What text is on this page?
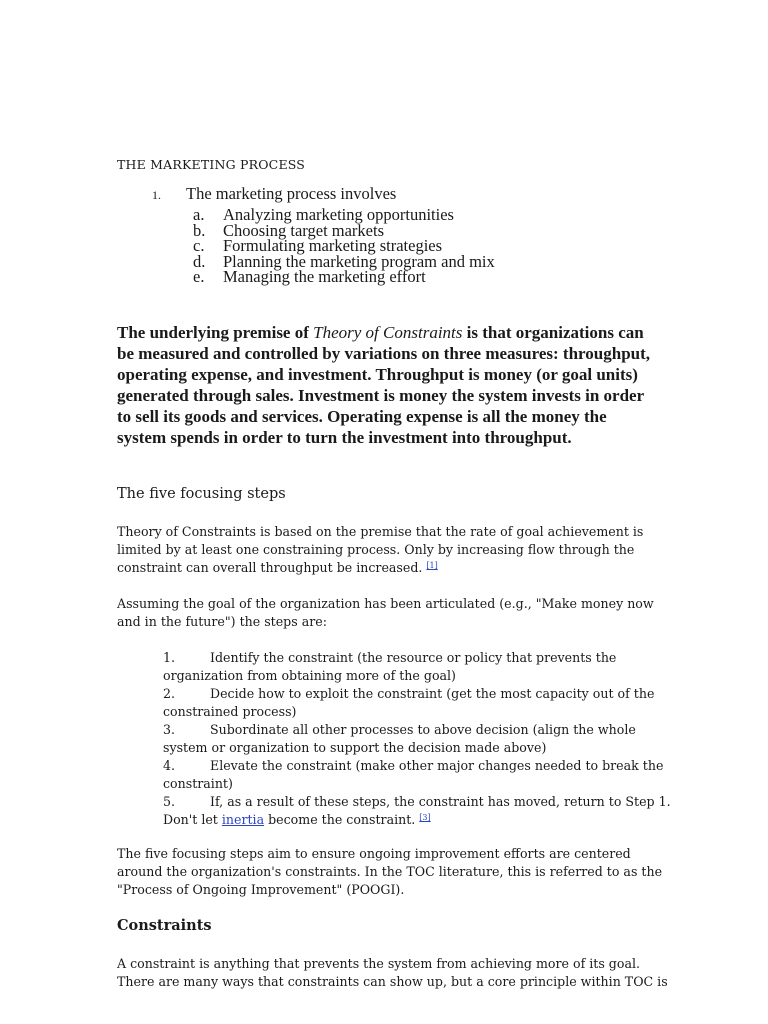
THE MARKETING PROCESS
1. The marketing process involves
a. Analyzing marketing opportunities
b. Choosing target markets
c. Formulating marketing strategies
d. Planning the marketing program and mix
e. Managing the marketing effort
The underlying premise of Theory of Constraints is that organizations can
be measured and controlled by variations on three measures: throughput,
operating expense, and investment. Throughput is money (or goal units)
generated through sales. Investment is money the system invests in order
to sell its goods and services. Operating expense is all the money the
system spends in order to turn the investment into throughput.
The five focusing steps
Theory of Constraints is based on the premise that the rate of goal achievement is
limited by at least one constraining process. Only by increasing flow through the
constraint can overall throughput be increased. [1]
Assuming the goal of the organization has been articulated (e.g., "Make money now
and in the future") the steps are:
1.	Identify the constraint (the resource or policy that prevents the
organization from obtaining more of the goal)
2.	Decide how to exploit the constraint (get the most capacity out of the
constrained process)
3.	Subordinate all other processes to above decision (align the whole
system or organization to support the decision made above)
4.	Elevate the constraint (make other major changes needed to break the
constraint)
5.	If, as a result of these steps, the constraint has moved, return to Step 1.
Don't let inertia become the constraint. [3]
The five focusing steps aim to ensure ongoing improvement efforts are centered
around the organization's constraints. In the TOC literature, this is referred to as the
"Process of Ongoing Improvement" (POOGI).
Constraints
A constraint is anything that prevents the system from achieving more of its goal.
There are many ways that constraints can show up, but a core principle within TOC is
